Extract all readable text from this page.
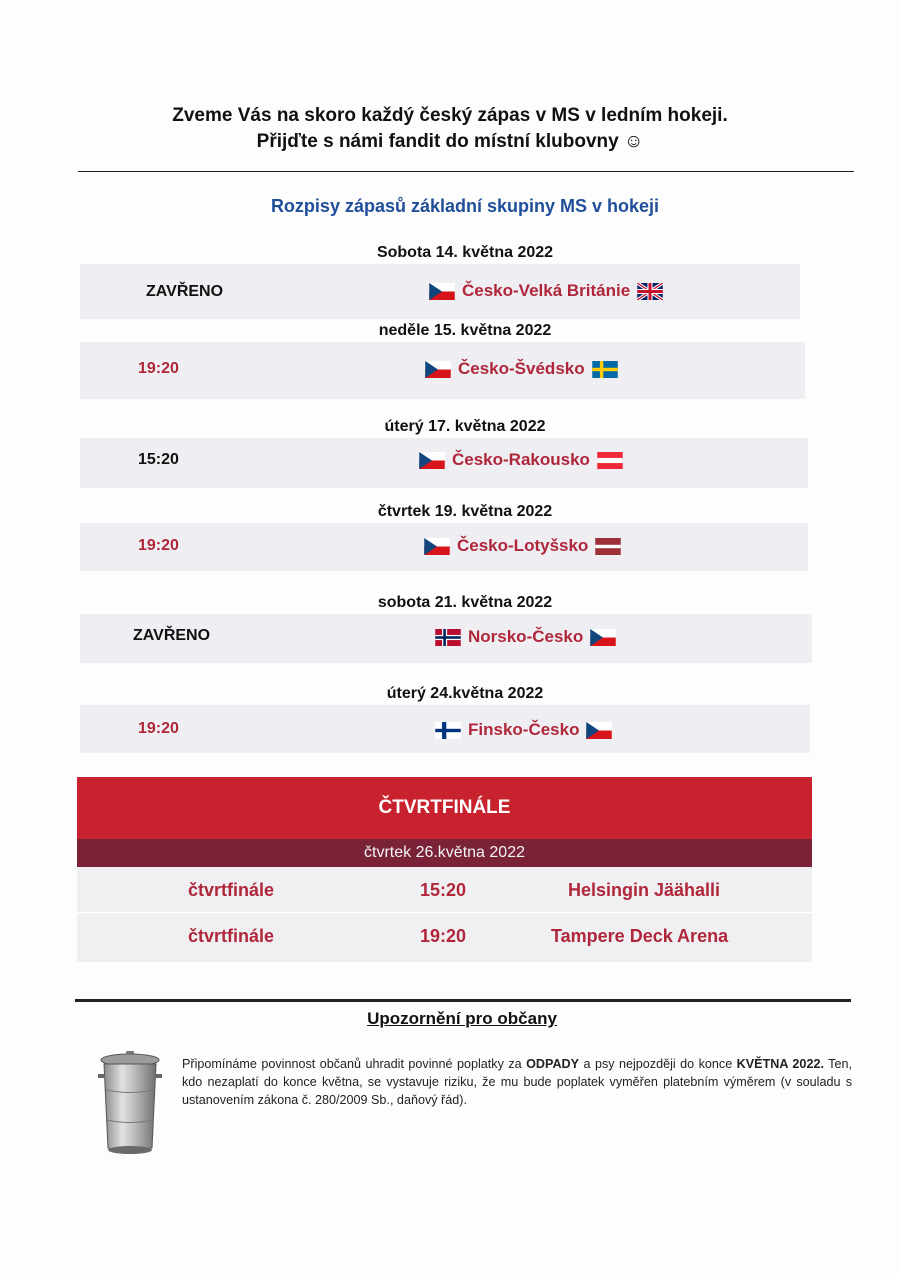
Zveme Vás na skoro každý český zápas v MS v ledním hokeji.
Přijďte s námi fandit do místní klubovny ☺
Rozpisy zápasů základní skupiny MS v hokeji
Sobota 14. května 2022
ZAVŘENO	Česko-Velká Británie
neděle 15. května 2022
19:20	Česko-Švédsko
úterý 17. května 2022
15:20	Česko-Rakousko
čtvrtek 19. května 2022
19:20	Česko-Lotyšsko
sobota 21. května 2022
ZAVŘENO	Norsko-Česko
úterý 24.května 2022
19:20	Finsko-Česko
ČTVRTFINÁLE
čtvrtek 26.května 2022
čtvrtfinále	15:20	Helsingin Jäähalli
čtvrtfinále	19:20	Tampere Deck Arena
Upozornění pro občany
Připomínáme povinnost občanů uhradit povinné poplatky za ODPADY a psy nejpozději do konce KVĚTNA 2022. Ten, kdo nezaplatí do konce května, se vystavuje riziku, že mu bude poplatek vyměřen platebním výměrem (v souladu s ustanovením zákona č. 280/2009 Sb., daňový řád).
